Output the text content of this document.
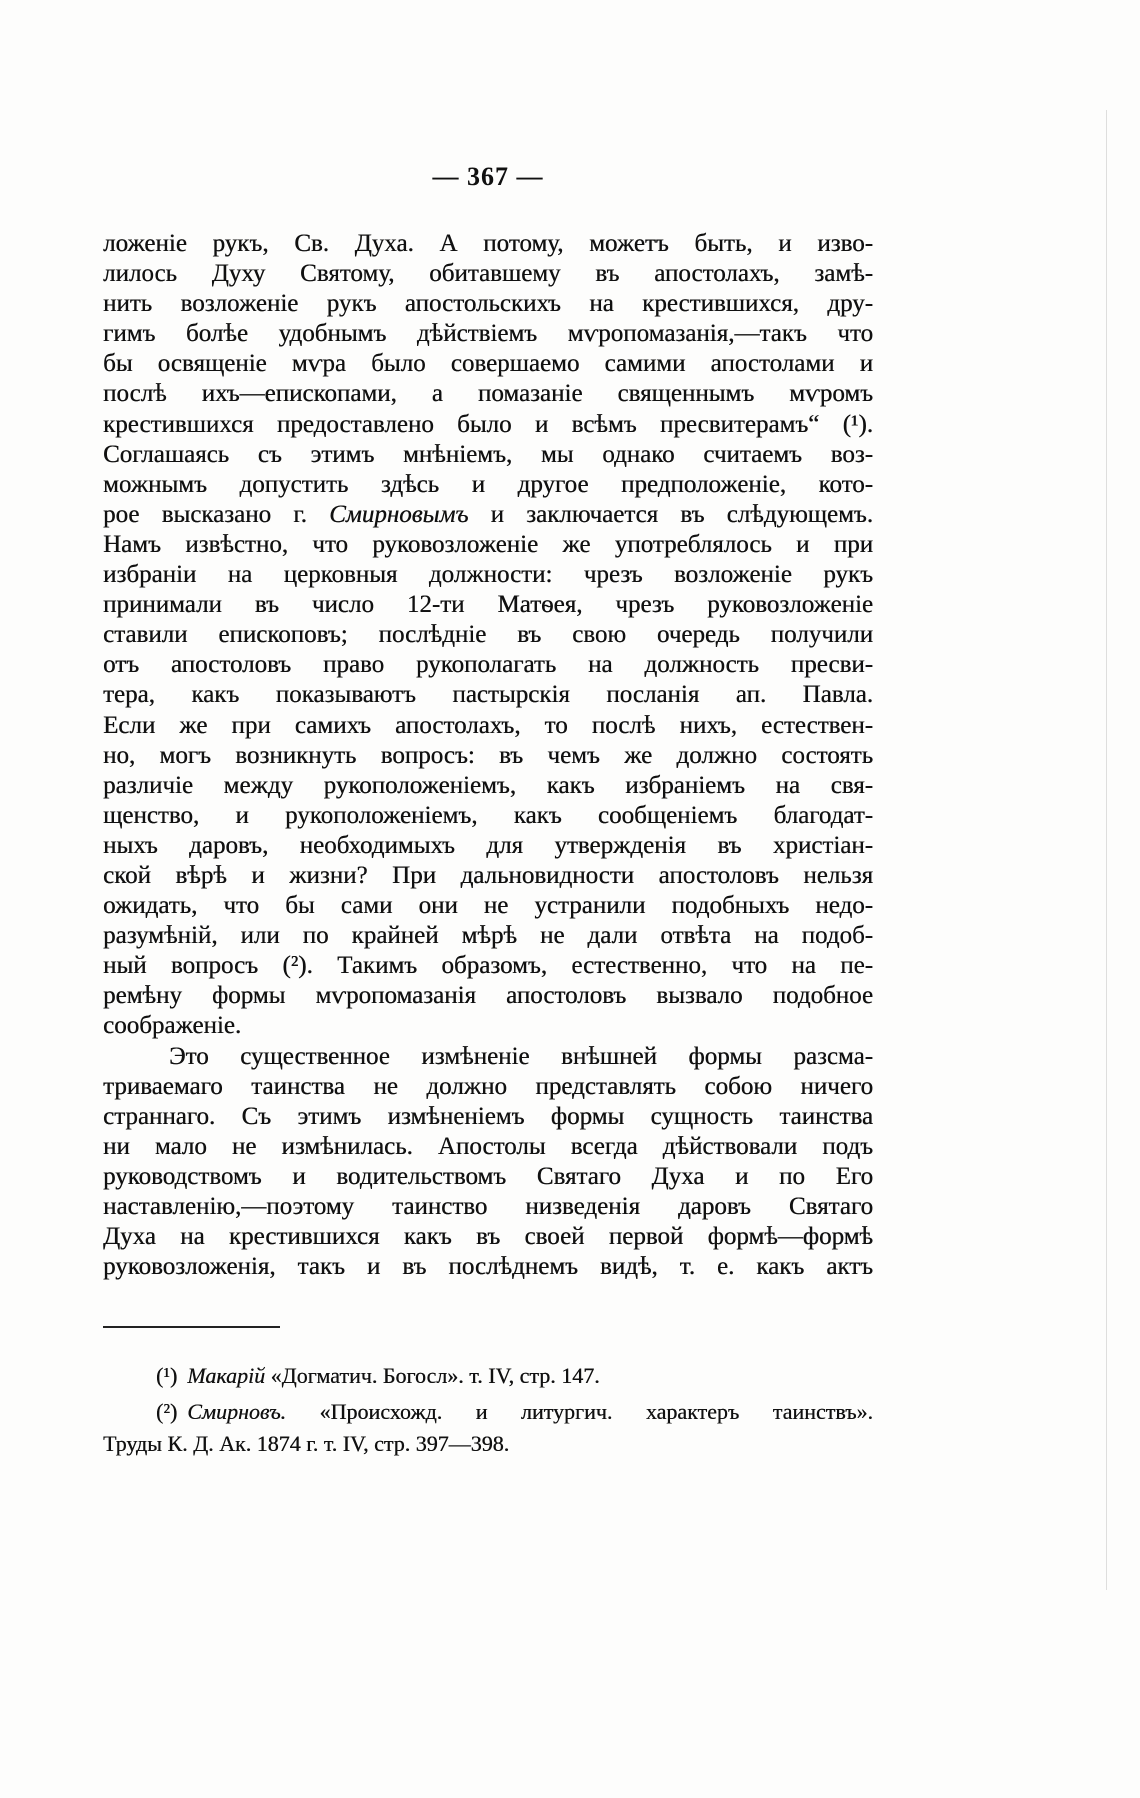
— 367 —
ложеніе рукъ, Св. Духа. А потому, можетъ быть, и изво-
лилось Духу Святому, обитавшему въ апостолахъ, замѣ-
нить возложеніе рукъ апостольскихъ на крестившихся, дру-
гимъ болѣе удобнымъ дѣйствіемъ мѵропомазанія,—такъ что
бы освященіе мѵра было совершаемо самими апостолами и
послѣ ихъ—епископами, а помазаніе священнымъ мѵромъ
крестившихся предоставлено было и всѣмъ пресвитерамъ“ (¹).
Соглашаясь съ этимъ мнѣніемъ, мы однако считаемъ воз-
можнымъ допустить здѣсь и другое предположеніе, кото-
рое высказано г. Смирновымъ и заключается въ слѣдующемъ.
Намъ извѣстно, что руковозложеніе же употреблялось и при
избраніи на церковныя должности: чрезъ возложеніе рукъ
принимали въ число 12-ти Матѳея, чрезъ руковозложеніе
ставили епископовъ; послѣдніе въ свою очередь получили
отъ апостоловъ право рукополагать на должность пресви-
тера, какъ показываютъ пастырскія посланія ап. Павла.
Если же при самихъ апостолахъ, то послѣ нихъ, естествен-
но, могъ возникнуть вопросъ: въ чемъ же должно состоять
различіе между рукоположеніемъ, какъ избраніемъ на свя-
щенство, и рукоположеніемъ, какъ сообщеніемъ благодат-
ныхъ даровъ, необходимыхъ для утвержденія въ христіан-
ской вѣрѣ и жизни? При дальновидности апостоловъ нельзя
ожидать, что бы сами они не устранили подобныхъ недо-
разумѣній, или по крайней мѣрѣ не дали отвѣта на подоб-
ный вопросъ (²). Такимъ образомъ, естественно, что на пе-
ремѣну формы мѵропомазанія апостоловъ вызвало подобное
соображеніе.
Это существенное измѣненіе внѣшней формы разсма-
триваемаго таинства не должно представлять собою ничего
страннаго. Съ этимъ измѣненіемъ формы сущность таинства
ни мало не измѣнилась. Апостолы всегда дѣйствовали подъ
руководствомъ и водительствомъ Святаго Духа и по Его
наставленію,—поэтому таинство низведенія даровъ Святаго
Духа на крестившихся какъ въ своей первой формѣ—формѣ
руковозложенія, такъ и въ послѣднемъ видѣ, т. е. какъ актъ
(¹) Макарій «Догматич. Богосл». т. IV, стр. 147.
(²) Смирновъ. «Происхожд. и литургич. характеръ таинствъ».
Труды К. Д. Ак. 1874 г. т. IV, стр. 397—398.
